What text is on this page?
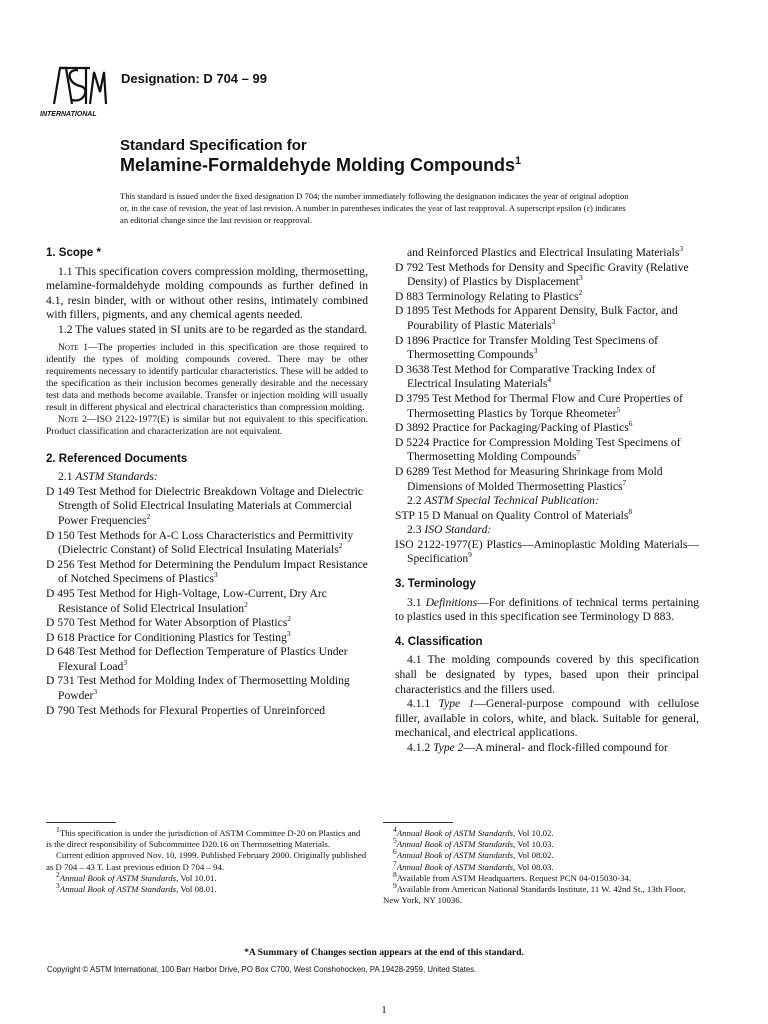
INTERNATIONAL
Designation: D 704 – 99
Standard Specification for
Melamine-Formaldehyde Molding Compounds$^1$
This standard is issued under the fixed designation D 704; the number immediately following the designation indicates the year of original adoption or, in the case of revision, the year of last revision. A number in parentheses indicates the year of last reapproval. A superscript epsilon (ε) indicates an editorial change since the last revision or reapproval.
1. Scope *

1.1 This specification covers compression molding, thermosetting, melamine-formaldehyde molding compounds as further defined in 4.1, resin binder, with or without other resins, intimately combined with fillers, pigments, and any chemical agents needed.

1.2 The values stated in SI units are to be regarded as the standard.

Note 1—The properties included in this specification are those required to identify the types of molding compounds covered. There may be other requirements necessary to identify particular characteristics. These will be added to the specification as their inclusion becomes generally desirable and the necessary test data and methods become available. Transfer or injection molding will usually result in different physical and electrical characteristics than compression molding.

Note 2—ISO 2122-1977(E) is similar but not equivalent to this specification. Product classification and characterization are not equivalent.

2. Referenced Documents

2.1 ASTM Standards:

D 149 Test Method for Dielectric Breakdown Voltage and Dielectric Strength of Solid Electrical Insulating Materials at Commercial Power Frequencies$^2$

D 150 Test Methods for A-C Loss Characteristics and Permittivity (Dielectric Constant) of Solid Electrical Insulating Materials$^2$

D 256 Test Method for Determining the Pendulum Impact Resistance of Notched Specimens of Plastics$^3$

D 495 Test Method for High-Voltage, Low-Current, Dry Arc Resistance of Solid Electrical Insulation$^2$

D 570 Test Method for Water Absorption of Plastics$^2$

D 618 Practice for Conditioning Plastics for Testing$^3$

D 648 Test Method for Deflection Temperature of Plastics Under Flexural Load$^3$

D 731 Test Method for Molding Index of Thermosetting Molding Powder$^3$

D 790 Test Methods for Flexural Properties of Unreinforced

and Reinforced Plastics and Electrical Insulating Materials$^3$

D 792 Test Methods for Density and Specific Gravity (Relative Density) of Plastics by Displacement$^3$

D 883 Terminology Relating to Plastics$^2$

D 1895 Test Methods for Apparent Density, Bulk Factor, and Pourability of Plastic Materials$^3$

D 1896 Practice for Transfer Molding Test Specimens of Thermosetting Compounds$^3$

D 3638 Test Method for Comparative Tracking Index of Electrical Insulating Materials$^4$

D 3795 Test Method for Thermal Flow and Cure Properties of Thermosetting Plastics by Torque Rheometer$^5$

D 3892 Practice for Packaging/Packing of Plastics$^6$

D 5224 Practice for Compression Molding Test Specimens of Thermosetting Molding Compounds$^7$

D 6289 Test Method for Measuring Shrinkage from Mold Dimensions of Molded Thermosetting Plastics$^7$

2.2 ASTM Special Technical Publication:

STP 15 D Manual on Quality Control of Materials$^8$

2.3 ISO Standard:

ISO 2122-1977(E) Plastics—Aminoplastic Molding Materials—Specification$^9$

3. Terminology

3.1 Definitions—For definitions of technical terms pertaining to plastics used in this specification see Terminology D 883.

4. Classification

4.1 The molding compounds covered by this specification shall be designated by types, based upon their principal characteristics and the fillers used.

4.1.1 Type 1—General-purpose compound with cellulose filler, available in colors, white, and black. Suitable for general, mechanical, and electrical applications.

4.1.2 Type 2—A mineral- and flock-filled compound for

$^1$This specification is under the jurisdiction of ASTM Committee D-20 on Plastics and is the direct responsibility of Subcommittee D20.16 on Thermosetting Materials.

Current edition approved Nov. 10, 1999. Published February 2000. Originally published as D 704 – 43 T. Last previous edition D 704 – 94.

$^2$Annual Book of ASTM Standards, Vol 10.01.

$^3$Annual Book of ASTM Standards, Vol 08.01.

$^4$Annual Book of ASTM Standards, Vol 10.02.

$^5$Annual Book of ASTM Standards, Vol 10.03.

$^6$Annual Book of ASTM Standards, Vol 08.02.

$^7$Annual Book of ASTM Standards, Vol 08.03.

$^8$Available from ASTM Headquarters. Request PCN 04-015030-34.

$^9$Available from American National Standards Institute, 11 W. 42nd St., 13th Floor, New York, NY 10036.

*A Summary of Changes section appears at the end of this standard.
Copyright © ASTM International, 100 Barr Harbor Drive, PO Box C700, West Conshohocken, PA 19428-2959, United States.
1
